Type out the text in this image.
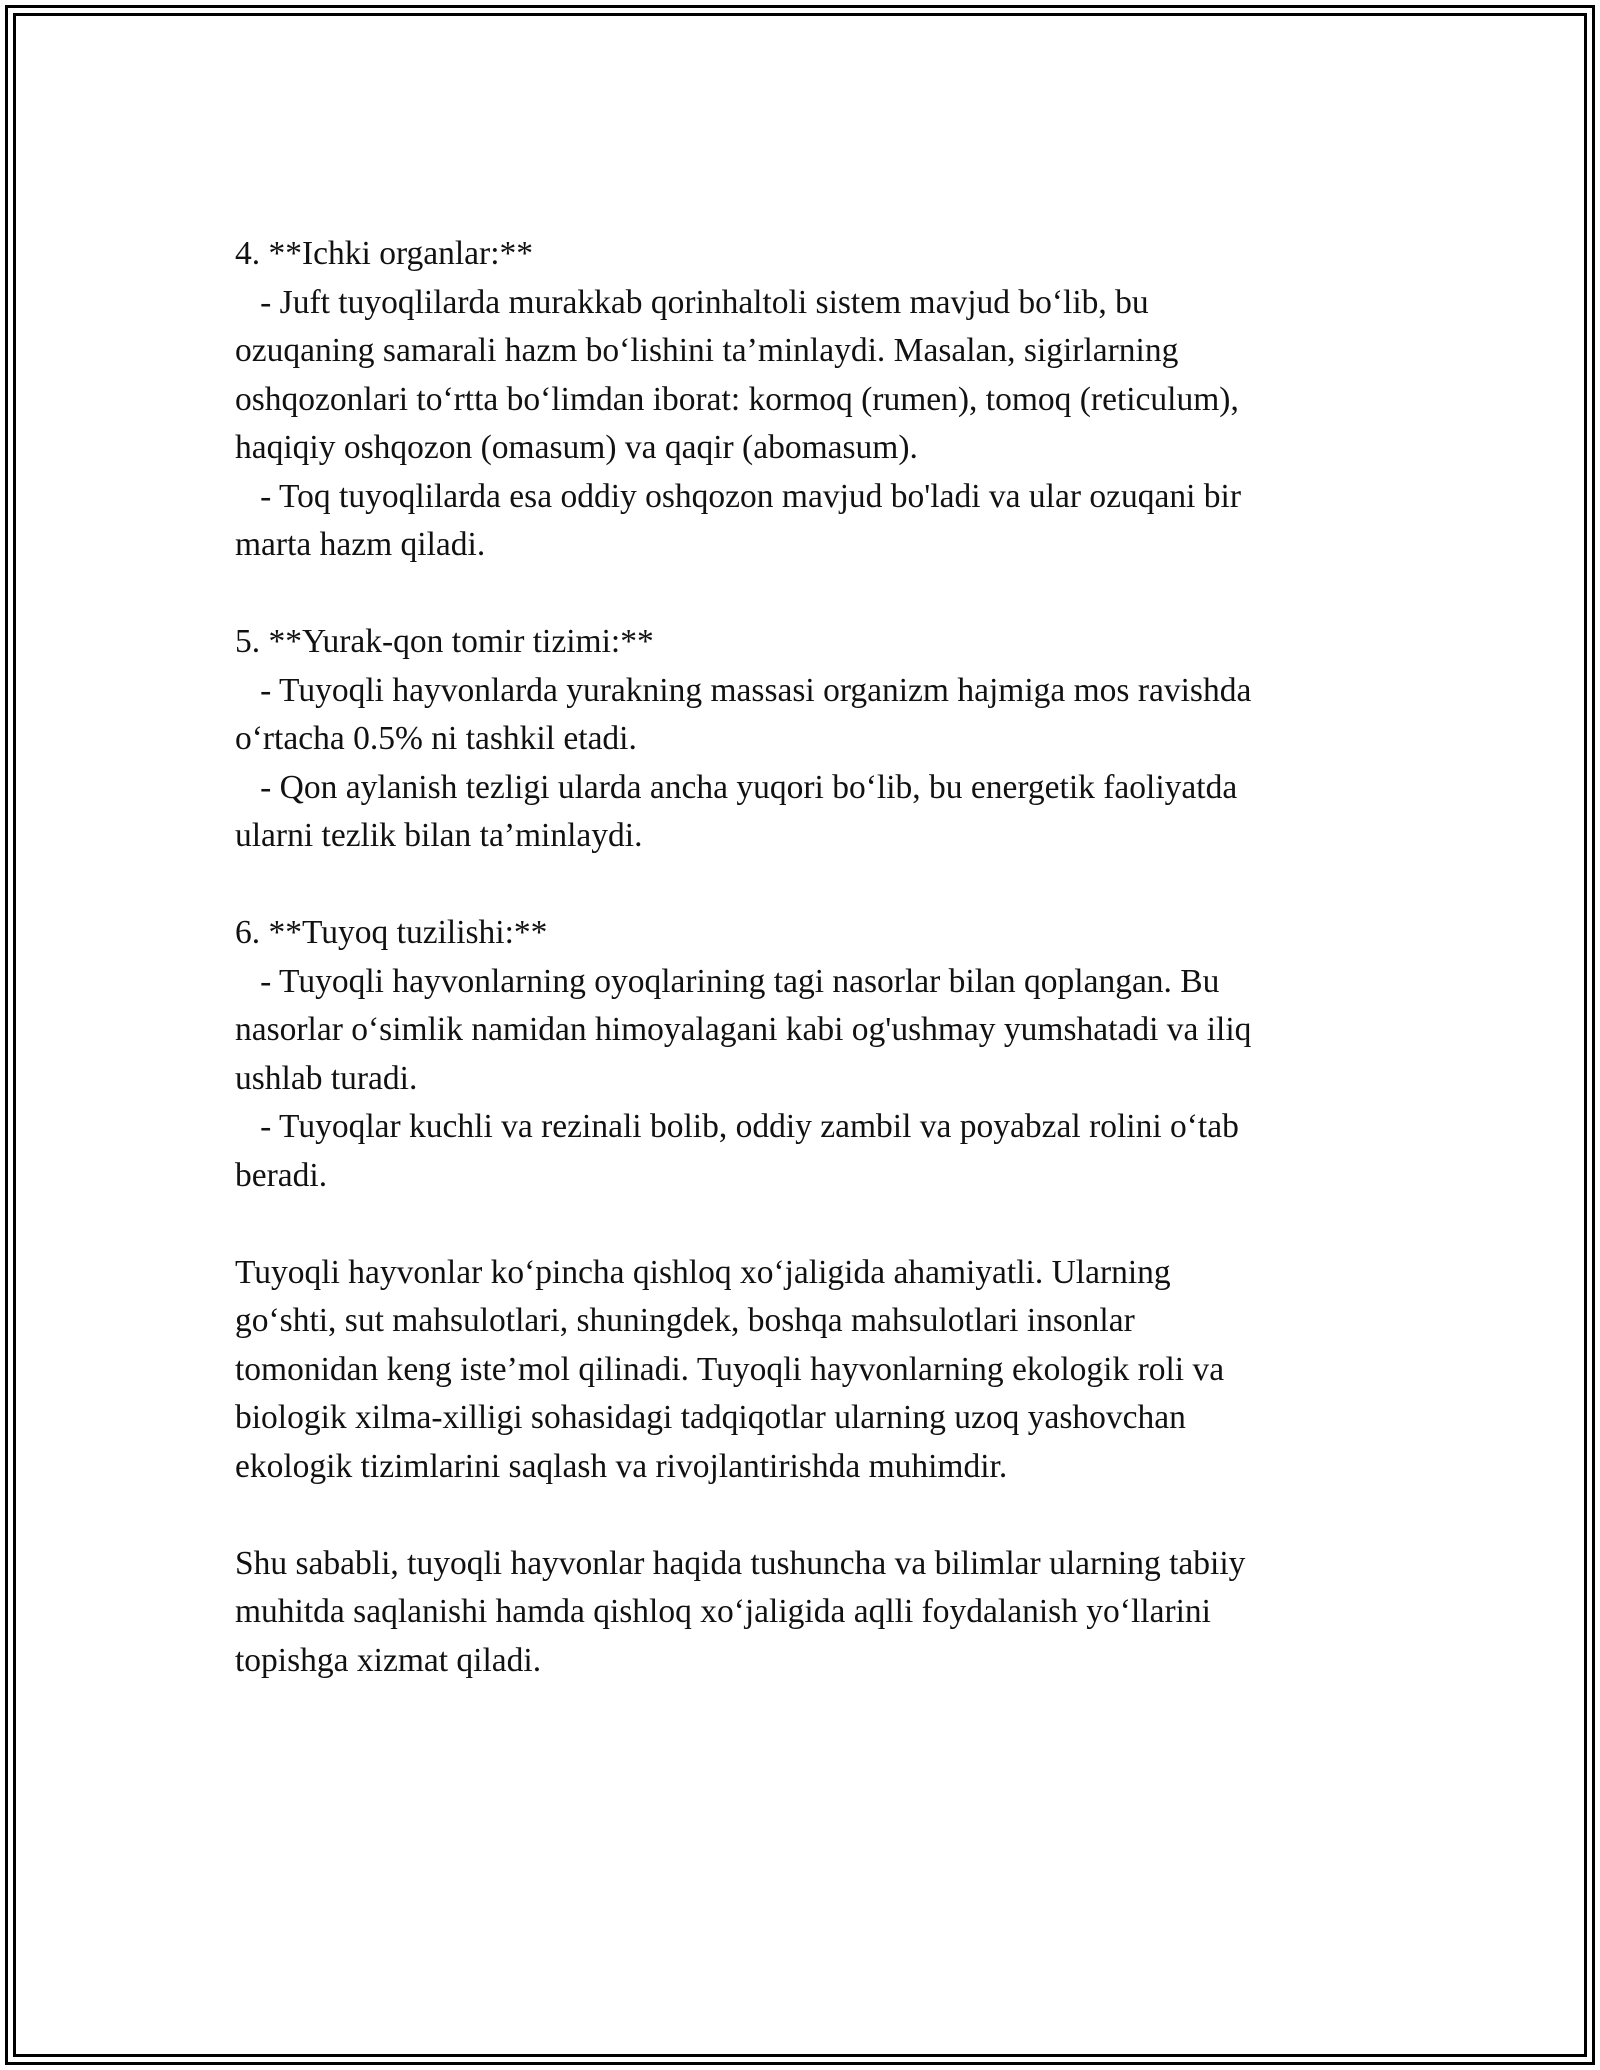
4. **Ichki organlar:**
- Juft tuyoqlilarda murakkab qorinhaltoli sistem mavjud bo‘lib, bu
ozuqaning samarali hazm bo‘lishini ta’minlaydi. Masalan, sigirlarning
oshqozonlari to‘rtta bo‘limdan iborat: kormoq (rumen), tomoq (reticulum),
haqiqiy oshqozon (omasum) va qaqir (abomasum).
- Toq tuyoqlilarda esa oddiy oshqozon mavjud bo'ladi va ular ozuqani bir
marta hazm qiladi.
5. **Yurak-qon tomir tizimi:**
- Tuyoqli hayvonlarda yurakning massasi organizm hajmiga mos ravishda
o‘rtacha 0.5% ni tashkil etadi.
- Qon aylanish tezligi ularda ancha yuqori bo‘lib, bu energetik faoliyatda
ularni tezlik bilan ta’minlaydi.
6. **Tuyoq tuzilishi:**
- Tuyoqli hayvonlarning oyoqlarining tagi nasorlar bilan qoplangan. Bu
nasorlar o‘simlik namidan himoyalagani kabi og'ushmay yumshatadi va iliq
ushlab turadi.
- Tuyoqlar kuchli va rezinali bolib, oddiy zambil va poyabzal rolini o‘tab
beradi.
Tuyoqli hayvonlar ko‘pincha qishloq xo‘jaligida ahamiyatli. Ularning
go‘shti, sut mahsulotlari, shuningdek, boshqa mahsulotlari insonlar
tomonidan keng iste’mol qilinadi. Tuyoqli hayvonlarning ekologik roli va
biologik xilma-xilligi sohasidagi tadqiqotlar ularning uzoq yashovchan
ekologik tizimlarini saqlash va rivojlantirishda muhimdir.
Shu sababli, tuyoqli hayvonlar haqida tushuncha va bilimlar ularning tabiiy
muhitda saqlanishi hamda qishloq xo‘jaligida aqlli foydalanish yo‘llarini
topishga xizmat qiladi.
